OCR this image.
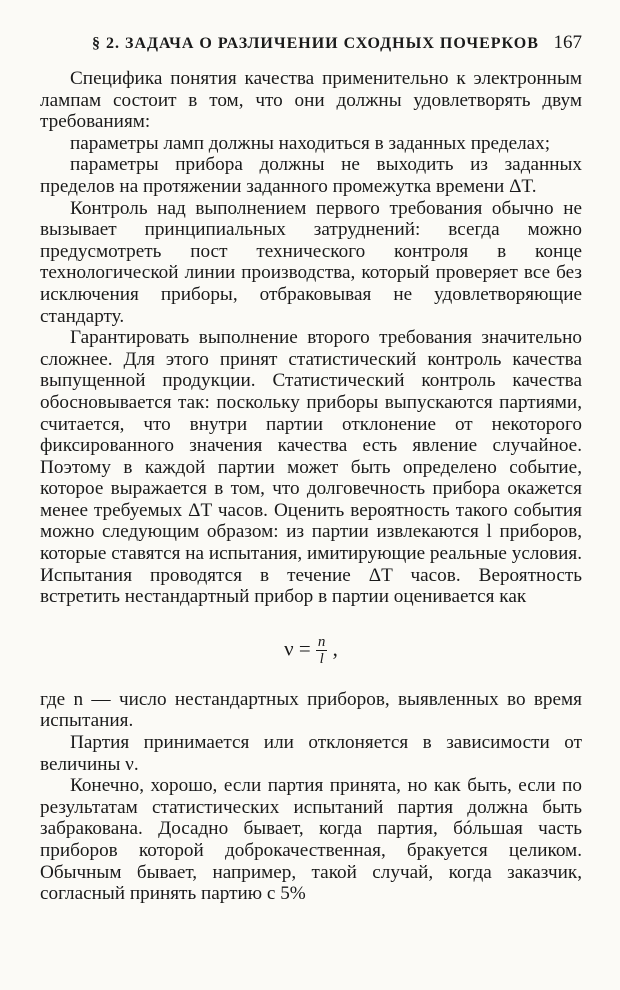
§ 2. ЗАДАЧА О РАЗЛИЧЕНИИ СХОДНЫХ ПОЧЕРКОВ 167

Специфика понятия качества применительно к электронным лампам состоит в том, что они должны удовлетворять двум требованиям:

параметры ламп должны находиться в заданных пределах;

параметры прибора должны не выходить из заданных пределов на протяжении заданного промежутка времени ΔT.

Контроль над выполнением первого требования обычно не вызывает принципиальных затруднений: всегда можно предусмотреть пост технического контроля в конце технологической линии производства, который проверяет все без исключения приборы, отбраковывая не удовлетворяющие стандарту.

Гарантировать выполнение второго требования значительно сложнее. Для этого принят статистический контроль качества выпущенной продукции. Статистический контроль качества обосновывается так: поскольку приборы выпускаются партиями, считается, что внутри партии отклонение от некоторого фиксированного значения качества есть явление случайное. Поэтому в каждой партии может быть определено событие, которое выражается в том, что долговечность прибора окажется менее требуемых ΔT часов. Оценить вероятность такого события можно следующим образом: из партии извлекаются l приборов, которые ставятся на испытания, имитирующие реальные условия. Испытания проводятся в течение ΔT часов. Вероятность встретить нестандартный прибор в партии оценивается как

$\nu = \frac{n}{l}$ ,

где n — число нестандартных приборов, выявленных во время испытания.

Партия принимается или отклоняется в зависимости от величины ν.

Конечно, хорошо, если партия принята, но как быть, если по результатам статистических испытаний партия должна быть забракована. Досадно бывает, когда партия, бóльшая часть приборов которой доброкачественная, бракуется целиком. Обычным бывает, например, такой случай, когда заказчик, согласный принять партию с 5%
